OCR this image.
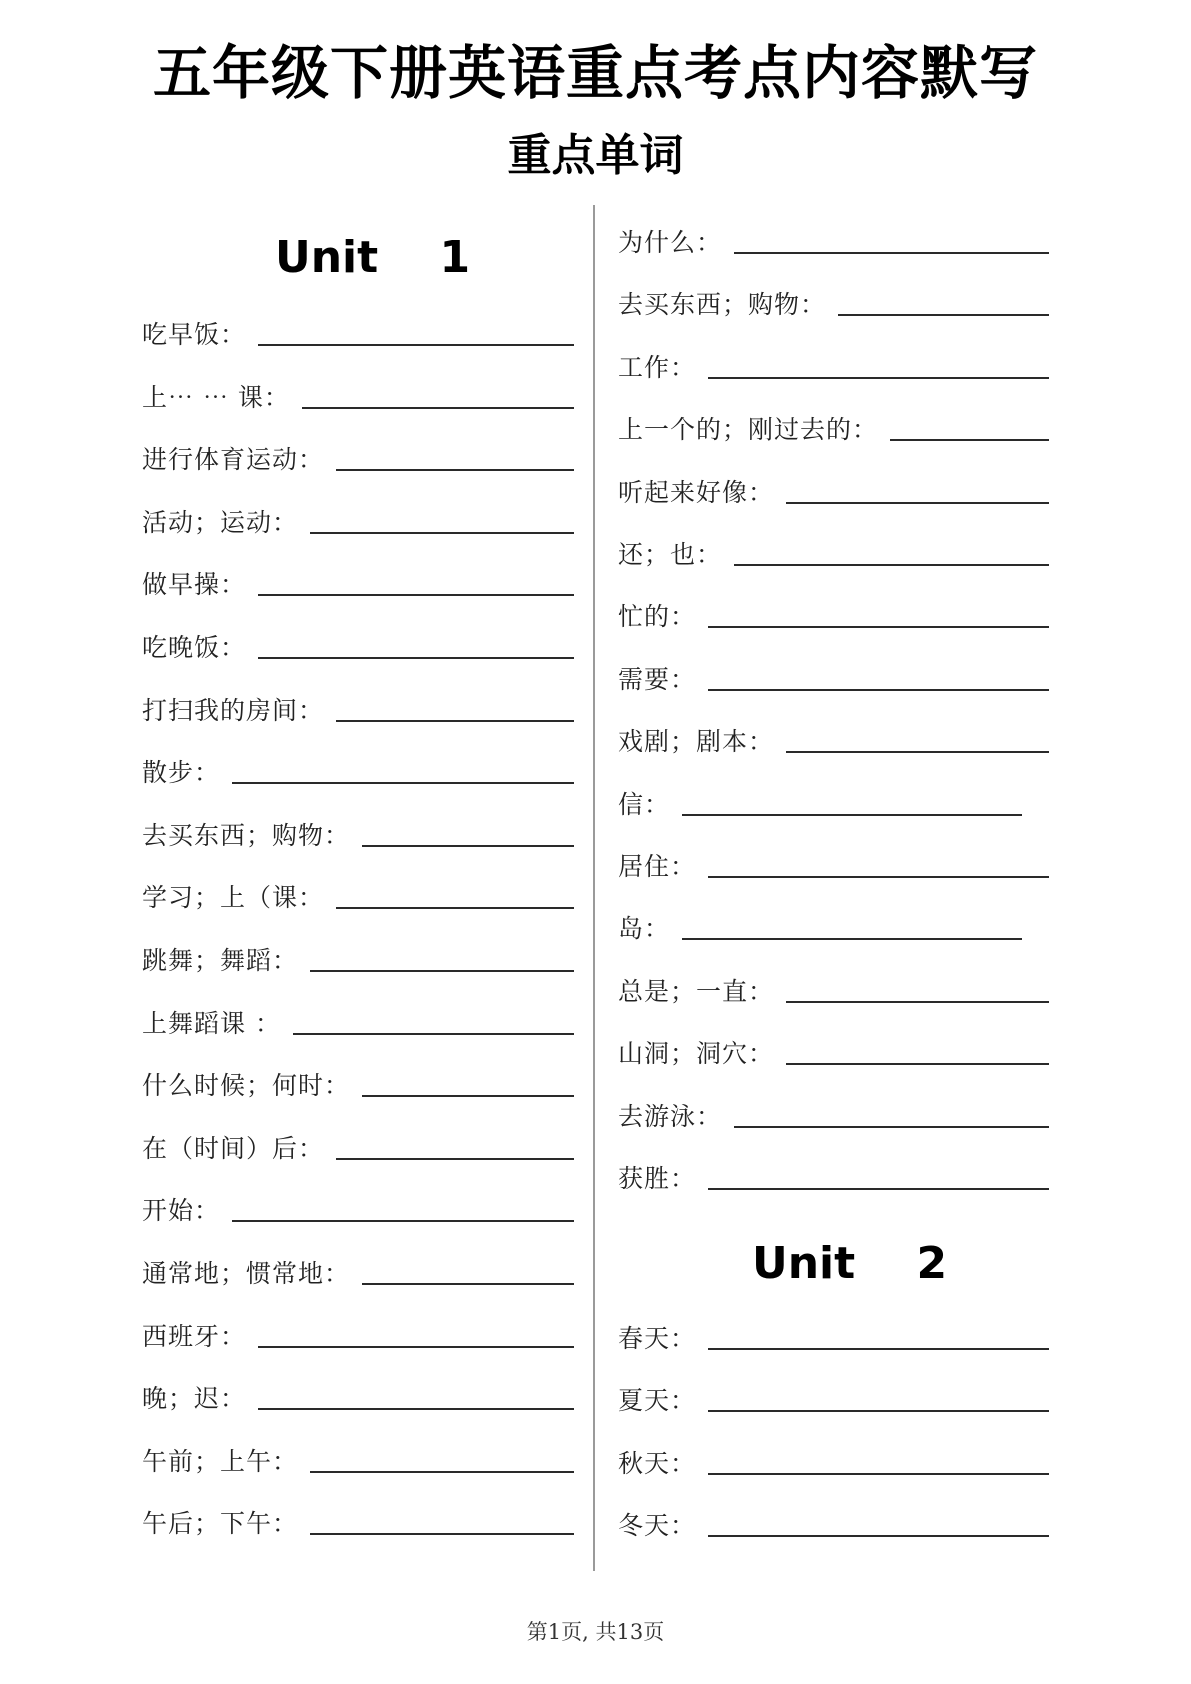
五年级下册英语重点考点内容默写
重点单词
Unit    1
吃早饭：
上⋯ ⋯ 课：
进行体育运动：
活动；运动：
做早操：
吃晚饭：
打扫我的房间：
散步：
去买东西；购物：
学习；上（课：
跳舞；舞蹈：
上舞蹈课 ：
什么时候；何时：
在（时间）后：
开始：
通常地；惯常地：
西班牙：
晚；迟：
午前；上午：
午后；下午：
为什么：
去买东西；购物：
工作：
上一个的；刚过去的：
听起来好像：
还；也：
忙的：
需要：
戏剧；剧本：
信：
居住：
岛：
总是；一直：
山洞；洞穴：
去游泳：
获胜：
Unit    2
春天：
夏天：
秋天：
冬天：
第1页, 共13页
